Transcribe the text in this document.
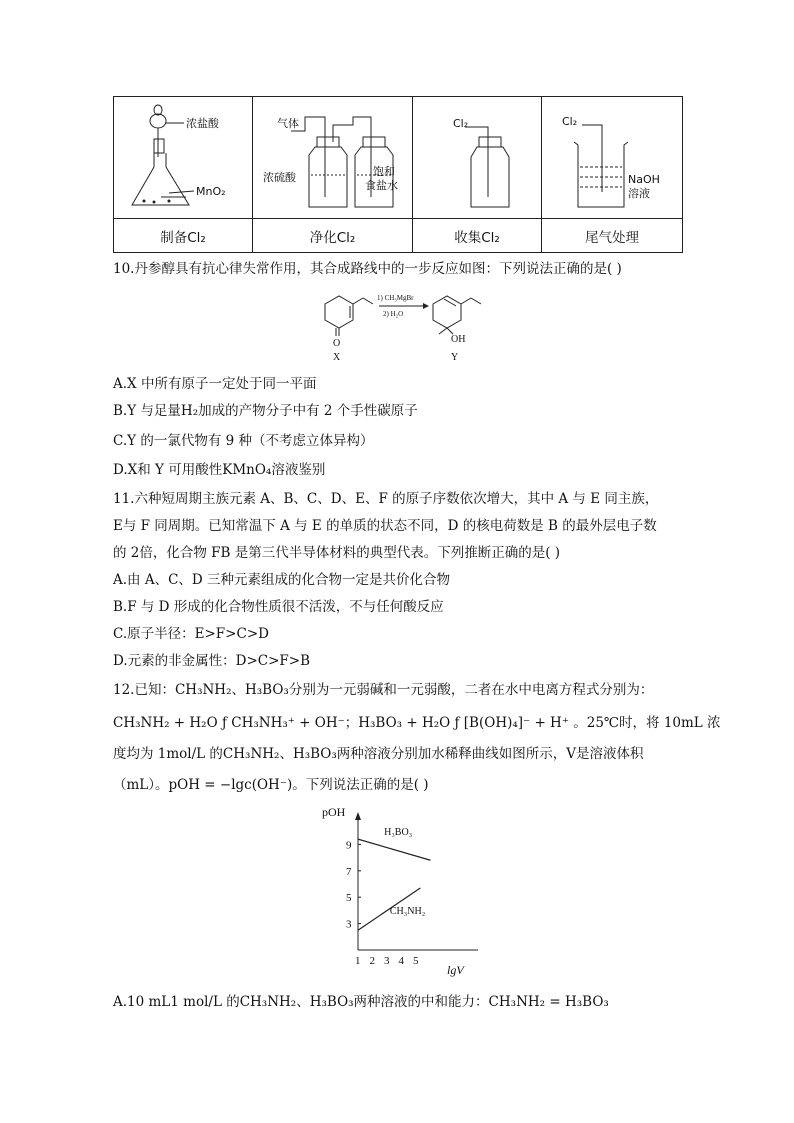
浓盐酸
MnO₂
制备Cl₂
气体
浓硫酸	饱和
食盐水
净化Cl₂
Cl₂
收集Cl₂
Cl₂
NaOH
溶液
尾气处理
10.丹参醇具有抗心律失常作用，其合成路线中的一步反应如图：下列说法正确的是( )
O
X
1) CH₃MgBr
2) H₂O
OH
Y
A.X 中所有原子一定处于同一平面
B.Y 与足量H₂加成的产物分子中有 2 个手性碳原子
C.Y 的一氯代物有 9 种（不考虑立体异构）
D.X和 Y 可用酸性KMnO₄溶液鉴别
11.六种短周期主族元素 A、B、C、D、E、F 的原子序数依次增大，其中 A 与 E 同主族，
E与 F 同周期。已知常温下 A 与 E 的单质的状态不同，D 的核电荷数是 B 的最外层电子数
的 2倍，化合物 FB 是第三代半导体材料的典型代表。下列推断正确的是( )
A.由 A、C、D 三种元素组成的化合物一定是共价化合物
B.F 与 D 形成的化合物性质很不活泼，不与任何酸反应
C.原子半径：E>F>C>D
D.元素的非金属性：D>C>F>B
12.已知：CH₃NH₂、H₃BO₃分别为一元弱碱和一元弱酸，二者在水中电离方程式分别为：
CH₃NH₂ + H₂O ƒ CH₃NH₃⁺ + OH⁻；H₃BO₃ + H₂O ƒ [B(OH)₄]⁻ + H⁺ 。25℃时，将 10mL 浓
度均为 1mol/L 的CH₃NH₂、H₃BO₃两种溶液分别加水稀释曲线如图所示，V是溶液体积
（mL）。pOH = −lgc(OH⁻)。下列说法正确的是( )
pOH
lgV
3
5
7
9
1 2 3 4 5
H₃BO₃
CH₃NH₂
A.10 mL1 mol/L 的CH₃NH₂、H₃BO₃两种溶液的中和能力：CH₃NH₂ = H₃BO₃
